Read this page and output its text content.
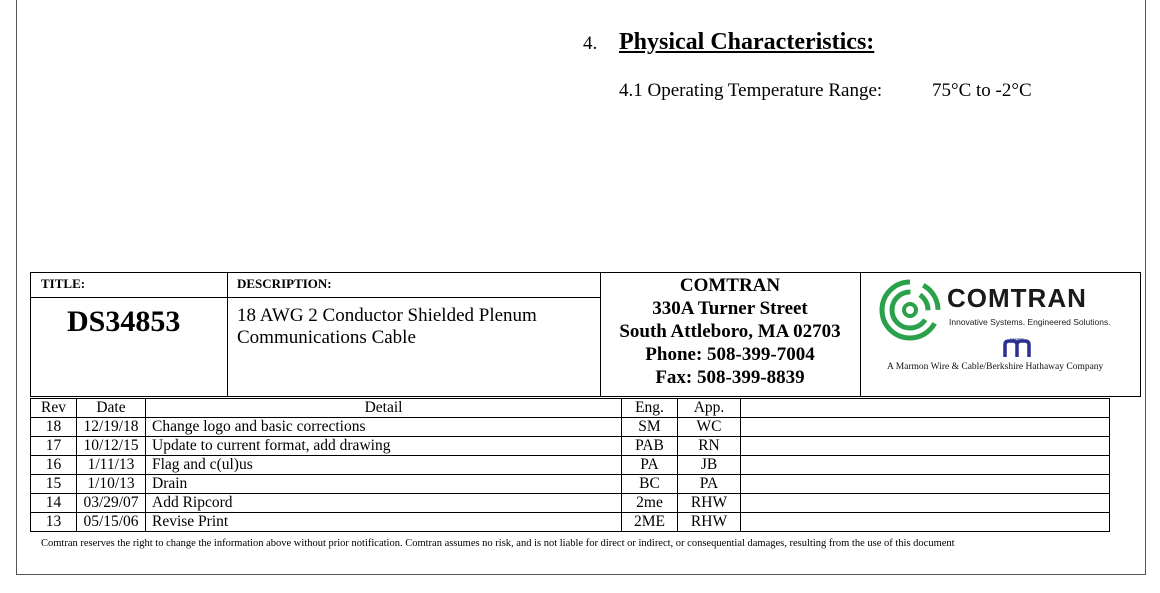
4. Physical Characteristics:
4.1 Operating Temperature Range:	75°C to -2°C
TITLE:
DS34853
DESCRIPTION:
18 AWG 2 Conductor Shielded Plenum Communications Cable
COMTRAN
330A Turner Street
South Attleboro, MA 02703
Phone: 508-399-7004
Fax: 508-399-8839
COMTRAN
Innovative Systems. Engineered Solutions.
MARMON
A Marmon Wire & Cable/Berkshire Hathaway Company
Rev	Date	Detail	Eng.	App.	
18	12/19/18	Change logo and basic corrections	SM	WC	
17	10/12/15	Update to current format, add drawing	PAB	RN	
16	1/11/13	Flag and c(ul)us	PA	JB	
15	1/10/13	Drain	BC	PA	
14	03/29/07	Add Ripcord	2me	RHW	
13	05/15/06	Revise Print	2ME	RHW	
Comtran reserves the right to change the information above without prior notification. Comtran assumes no risk, and is not liable for direct or indirect, or consequential damages, resulting from the use of this document
